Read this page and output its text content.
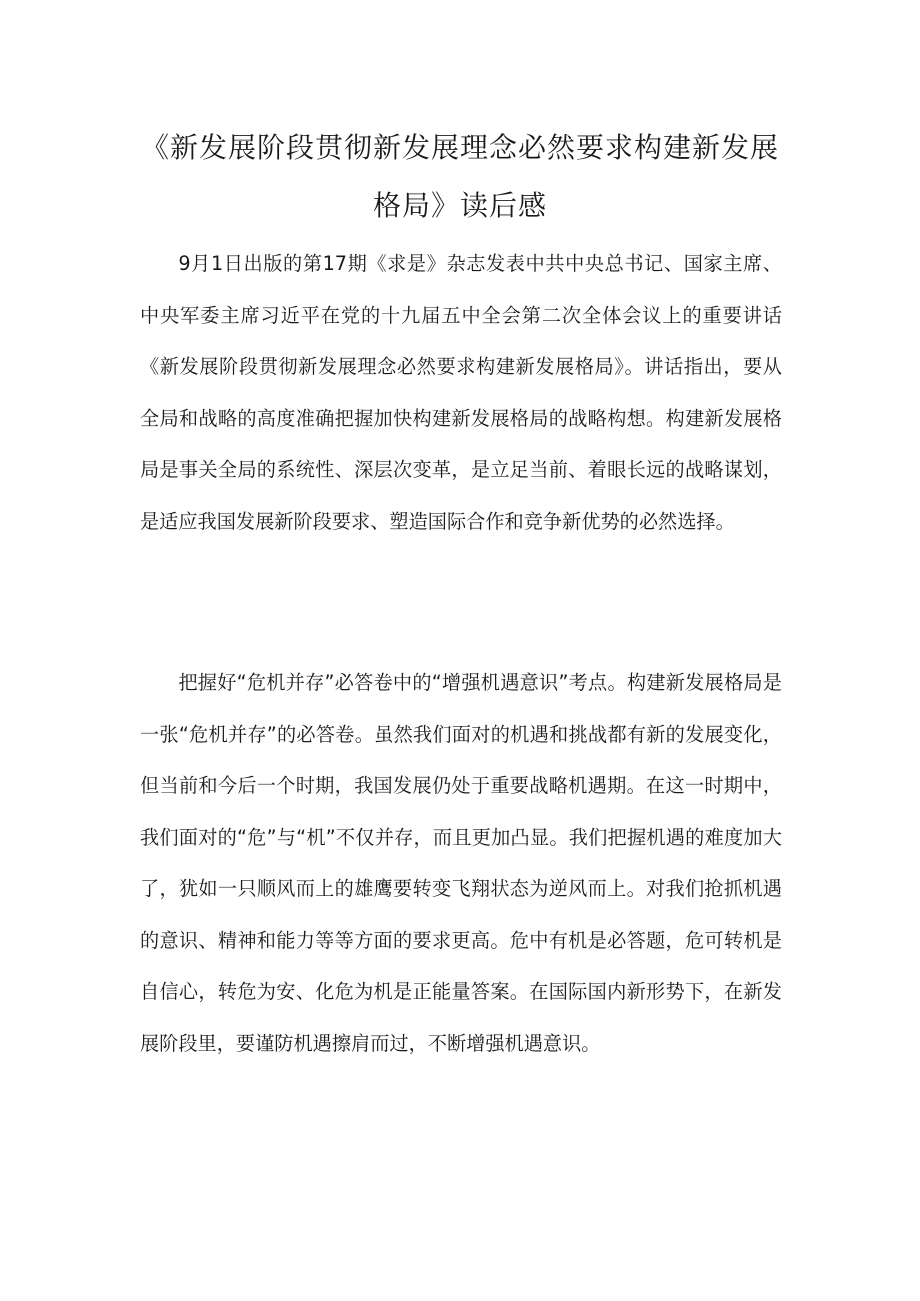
《新发展阶段贯彻新发展理念必然要求构建新发展
格局》读后感

9月1日出版的第17期《求是》杂志发表中共中央总书记、国家主席、中央军委主席习近平在党的十九届五中全会第二次全体会议上的重要讲话《新发展阶段贯彻新发展理念必然要求构建新发展格局》。讲话指出，要从全局和战略的高度准确把握加快构建新发展格局的战略构想。构建新发展格局是事关全局的系统性、深层次变革，是立足当前、着眼长远的战略谋划，是适应我国发展新阶段要求、塑造国际合作和竞争新优势的必然选择。

把握好“危机并存”必答卷中的“增强机遇意识”考点。构建新发展格局是一张“危机并存”的必答卷。虽然我们面对的机遇和挑战都有新的发展变化，但当前和今后一个时期，我国发展仍处于重要战略机遇期。在这一时期中，我们面对的“危”与“机”不仅并存，而且更加凸显。我们把握机遇的难度加大了，犹如一只顺风而上的雄鹰要转变飞翔状态为逆风而上。对我们抢抓机遇的意识、精神和能力等等方面的要求更高。危中有机是必答题，危可转机是自信心，转危为安、化危为机是正能量答案。在国际国内新形势下，在新发展阶段里，要谨防机遇擦肩而过，不断增强机遇意识。
